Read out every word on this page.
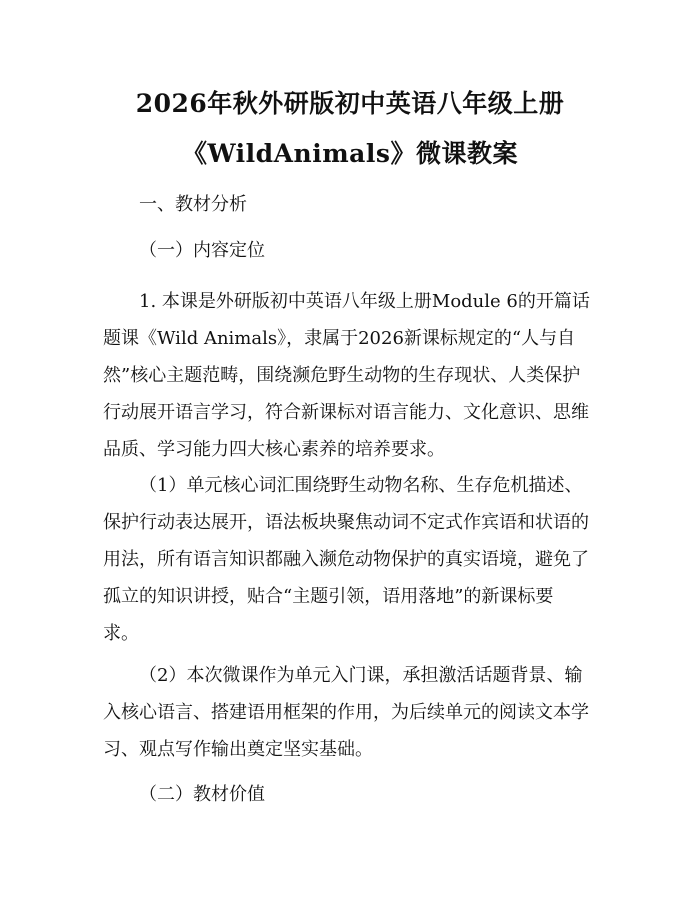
2026年秋外研版初中英语八年级上册
《WildAnimals》微课教案
一、教材分析
（一）内容定位
1. 本课是外研版初中英语八年级上册Module 6的开篇话
题课《Wild Animals》，隶属于2026新课标规定的“人与自
然”核心主题范畴，围绕濒危野生动物的生存现状、人类保护
行动展开语言学习，符合新课标对语言能力、文化意识、思维
品质、学习能力四大核心素养的培养要求。
（1）单元核心词汇围绕野生动物名称、生存危机描述、
保护行动表达展开，语法板块聚焦动词不定式作宾语和状语的
用法，所有语言知识都融入濒危动物保护的真实语境，避免了
孤立的知识讲授，贴合“主题引领，语用落地”的新课标要
求。
（2）本次微课作为单元入门课，承担激活话题背景、输
入核心语言、搭建语用框架的作用，为后续单元的阅读文本学
习、观点写作输出奠定坚实基础。
（二）教材价值
